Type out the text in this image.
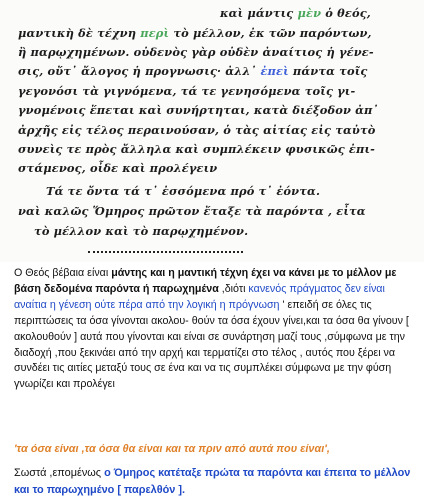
καὶ μάντις μὲν ὁ θεός,
μαντικὴ δὲ τέχνη περὶ τὸ μέλλον, ἐκ τῶν παρόντων,
ἢ παρῳχημένων. οὐδενὸς γὰρ οὐδὲν ἀναίτιος ἡ γένε-
σις, οὔτ᾽ ἄλογος ἡ προγνωσις· ἀλλ᾽ ἐπεὶ πάντα τοῖς
γεγονόσι τὰ γιγνόμενα, τά τε γενησόμενα τοῖς γι-
γνομένοις ἕπεται καὶ συνήρτηται, κατὰ διέξοδον ἀπ᾽
ἀρχῆς εἰς τέλος περαινούσαν, ὁ τὰς αἰτίας εἰς ταὐτὸ
συνεὶς τε πρὸς ἄλληλα καὶ συμπλέκειν φυσικῶς ἐπι-
στάμενος, οἶδε καὶ προλέγειν
Τά τε ὄντα τά τ᾽ ἐσσόμενα πρό τ᾽ ἐόντα.
ναὶ καλῶς Ὅμηρος πρῶτον ἔταξε τὰ παρόντα , εἶτα
τὸ μέλλον καὶ τὸ παρῳχημένον.
Ο Θεός βέβαια είναι μάντης και η μαντική τέχνη έχει να κάνει με το μέλλον με βάση δεδομένα παρόντα ή παρωχημένα ,διότι κανενός πράγματος δεν είναι αναίτια η γένεση ούτε πέρα από την λογική η πρόγνωση ' επειδή σε όλες τις περιπτώσεις τα όσα γίνονται ακολου- θούν τα όσα έχουν γίνει,και τα όσα θα γίνουν [ ακολουθούν ] αυτά που γίνονται και είναι σε συνάρτηση μαζί τους ,σύμφωνα με την διαδοχή ,που ξεκινάει από την αρχή και τερματίζει στο τέλος , αυτός που ξέρει να συνδέει τις αιτίες μεταξύ τους σε ένα και να τις συμπλέκει σύμφωνα με την φύση γνωρίζει και προλέγει
'τα όσα είναι ,τα όσα θα είναι και τα πριν από αυτά που είναι',
Σωστά ,επομένως ο Όμηρος κατέταξε πρώτα τα παρόντα και έπειτα το μέλλον και το παρωχημένο [ παρελθόν ].
